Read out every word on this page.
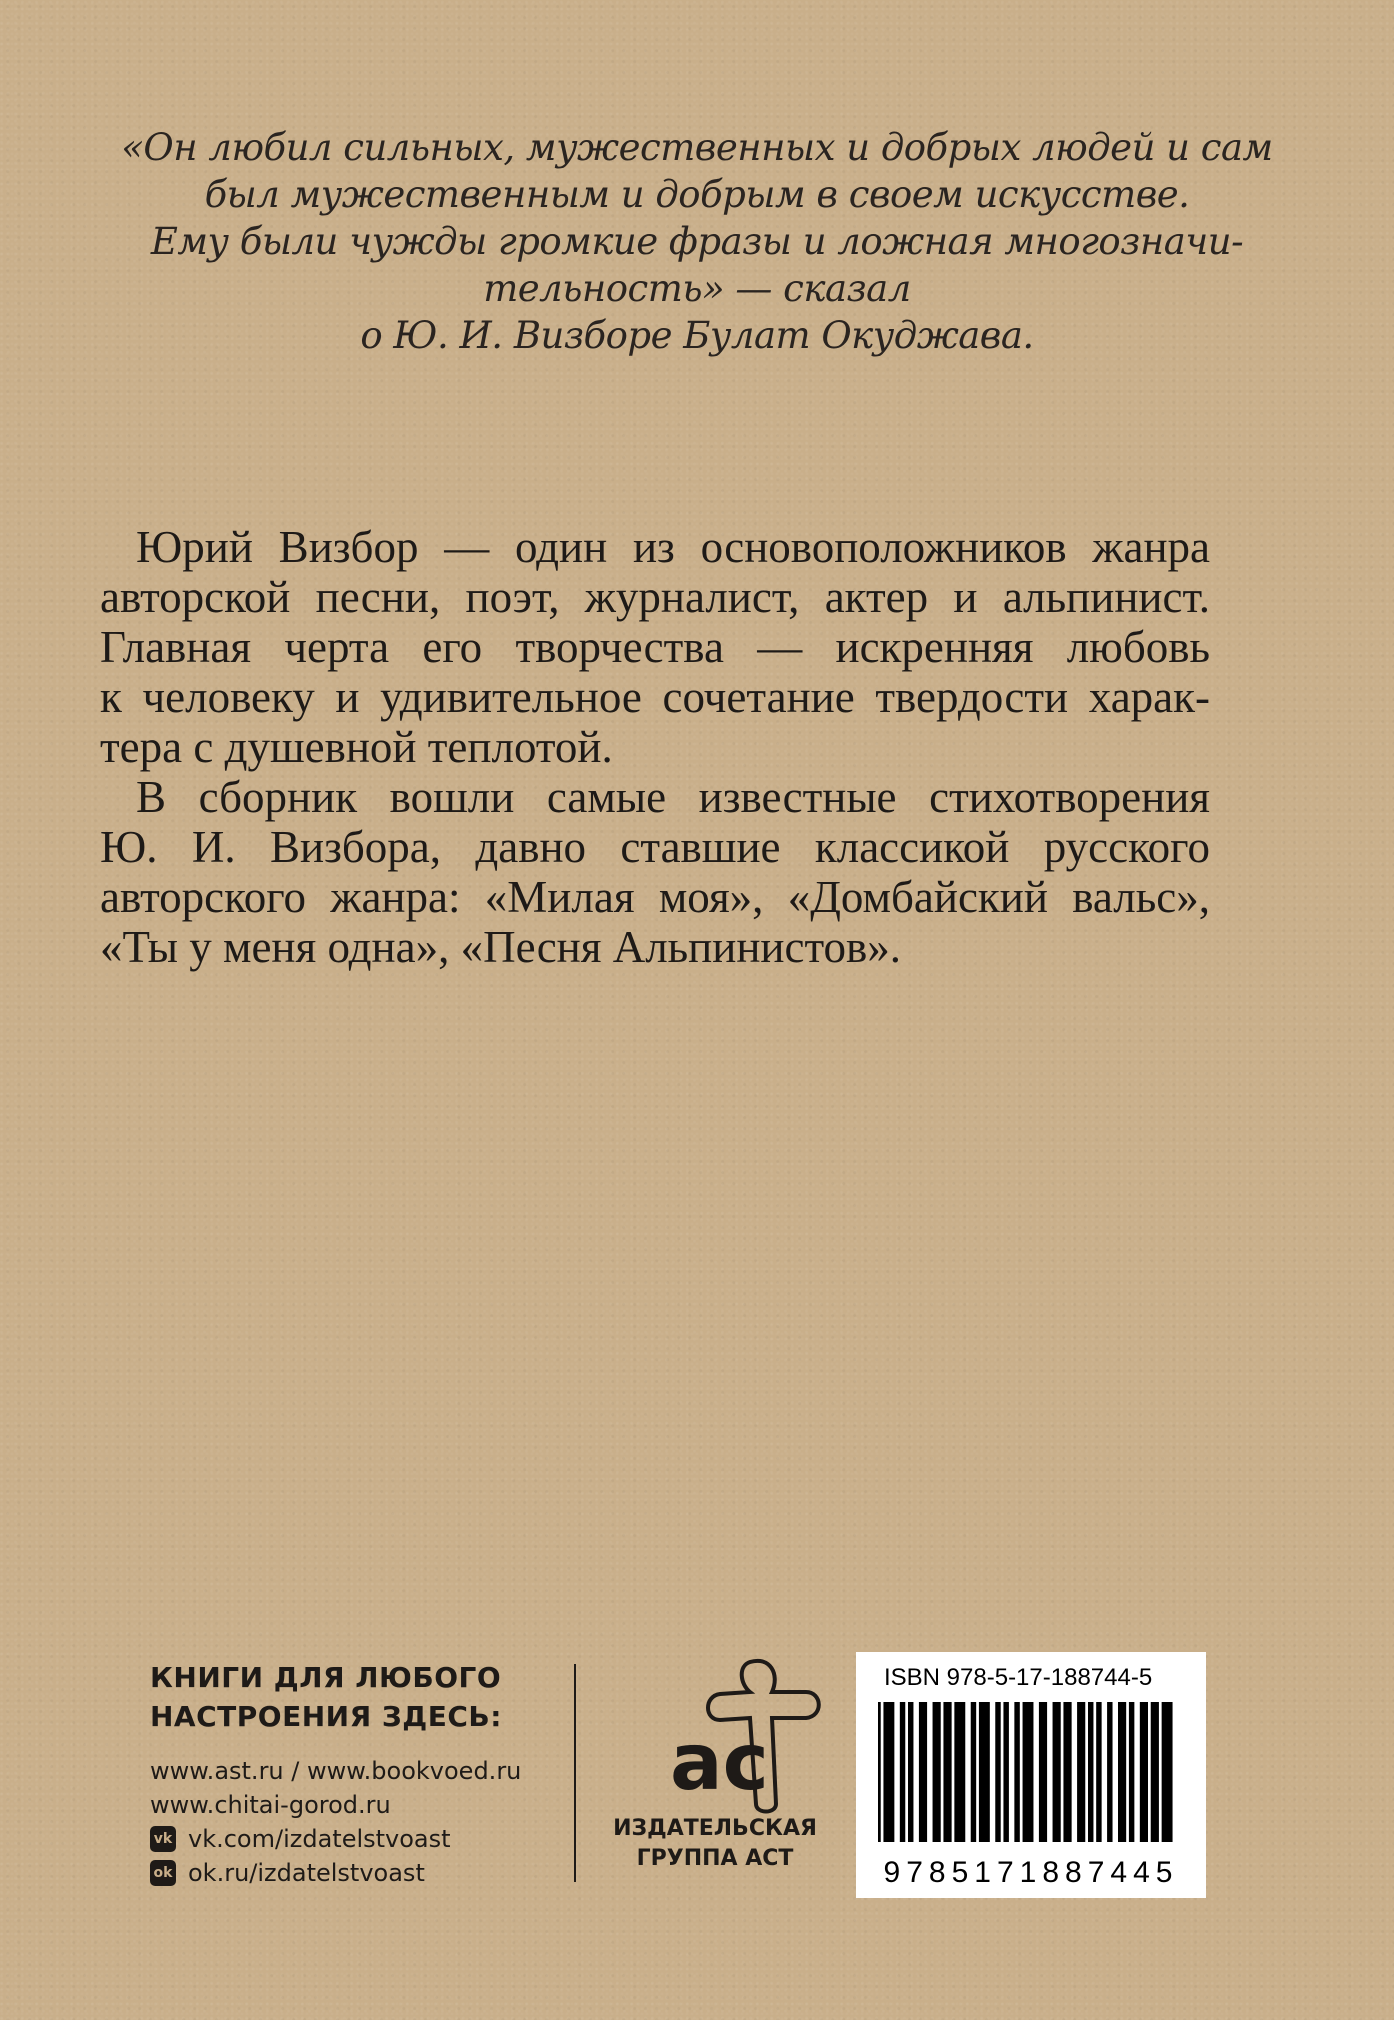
«Он любил сильных, мужественных и добрых людей и сам
был мужественным и добрым в своем искусстве.
Ему были чужды громкие фразы и ложная многозначи-
тельность» — сказал
о Ю. И. Визборе Булат Окуджава.
Юрий Визбор — один из основоположников жанра
авторской песни, поэт, журналист, актер и альпинист.
Главная черта его творчества — искренняя любовь
к человеку и удивительное сочетание твердости харак-
тера с душевной теплотой.
В сборник вошли самые известные стихотворения
Ю. И. Визбора, давно ставшие классикой русского
авторского жанра: «Милая моя», «Домбайский вальс»,
«Ты у меня одна», «Песня Альпинистов».
КНИГИ ДЛЯ ЛЮБОГО
НАСТРОЕНИЯ ЗДЕСЬ:
www.ast.ru / www.bookvoed.ru
www.chitai-gorod.ru
vk vk.com/izdatelstvoast
ok ok.ru/izdatelstvoast
ac
ИЗДАТЕЛЬСКАЯ
ГРУППА АСТ
ISBN 978-5-17-188744-5
9785171887445
